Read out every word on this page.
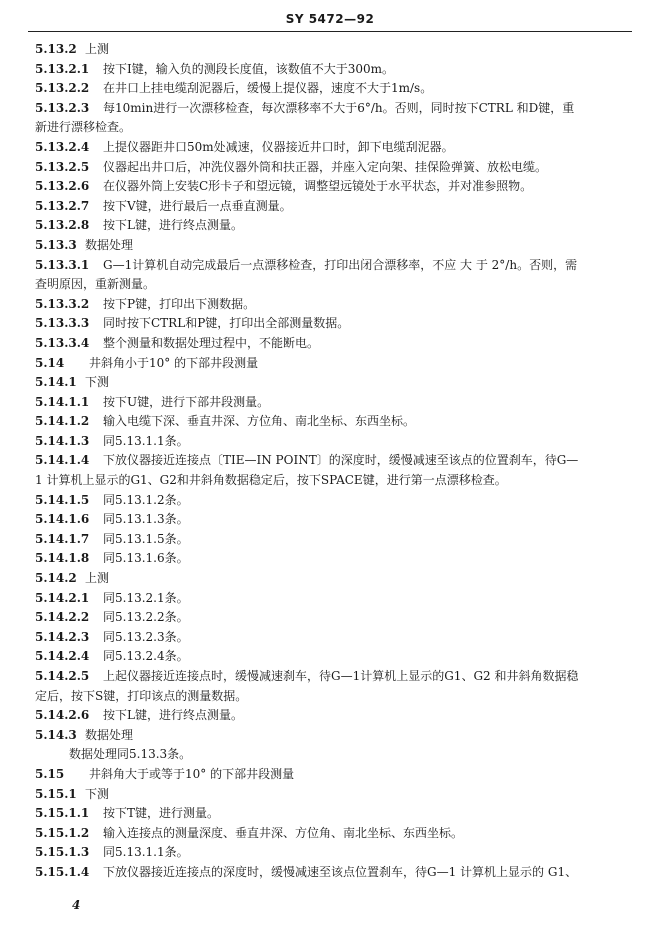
SY 5472—92
5.13.2 上测
5.13.2.1 按下I键，输入负的测段长度值，该数值不大于300m。
5.13.2.2 在井口上挂电缆刮泥器后，缓慢上提仪器，速度不大于1m/s。
5.13.2.3 每10min进行一次漂移检查，每次漂移率不大于6°/h。否则，同时按下CTRL 和D键，重
新进行漂移检查。
5.13.2.4 上提仪器距井口50m处减速，仪器接近井口时，卸下电缆刮泥器。
5.13.2.5 仪器起出井口后，冲洗仪器外筒和扶正器，并座入定向架、挂保险弹簧、放松电缆。
5.13.2.6 在仪器外筒上安装C形卡子和望远镜，调整望远镜处于水平状态，并对准参照物。
5.13.2.7 按下V键，进行最后一点垂直测量。
5.13.2.8 按下L键，进行终点测量。
5.13.3 数据处理
5.13.3.1 G—1计算机自动完成最后一点漂移检查，打印出闭合漂移率，不应 大 于 2°/h。否则，需
查明原因，重新测量。
5.13.3.2 按下P键，打印出下测数据。
5.13.3.3 同时按下CTRL和P键，打印出全部测量数据。
5.13.3.4 整个测量和数据处理过程中，不能断电。
5.14 井斜角小于10° 的下部井段测量
5.14.1 下测
5.14.1.1 按下U键，进行下部井段测量。
5.14.1.2 输入电缆下深、垂直井深、方位角、南北坐标、东西坐标。
5.14.1.3 同5.13.1.1条。
5.14.1.4 下放仪器接近连接点〔TIE—IN POINT〕的深度时，缓慢减速至该点的位置刹车，待G—
1 计算机上显示的G1、G2和井斜角数据稳定后，按下SPACE键，进行第一点漂移检查。
5.14.1.5 同5.13.1.2条。
5.14.1.6 同5.13.1.3条。
5.14.1.7 同5.13.1.5条。
5.14.1.8 同5.13.1.6条。
5.14.2 上测
5.14.2.1 同5.13.2.1条。
5.14.2.2 同5.13.2.2条。
5.14.2.3 同5.13.2.3条。
5.14.2.4 同5.13.2.4条。
5.14.2.5 上起仪器接近连接点时，缓慢减速刹车，待G—1计算机上显示的G1、G2 和井斜角数据稳
定后，按下S键，打印该点的测量数据。
5.14.2.6 按下L键，进行终点测量。
5.14.3 数据处理
数据处理同5.13.3条。
5.15 井斜角大于或等于10° 的下部井段测量
5.15.1 下测
5.15.1.1 按下T键，进行测量。
5.15.1.2 输入连接点的测量深度、垂直井深、方位角、南北坐标、东西坐标。
5.15.1.3 同5.13.1.1条。
5.15.1.4 下放仪器接近连接点的深度时，缓慢减速至该点位置刹车，待G—1 计算机上显示的 G1、
4
